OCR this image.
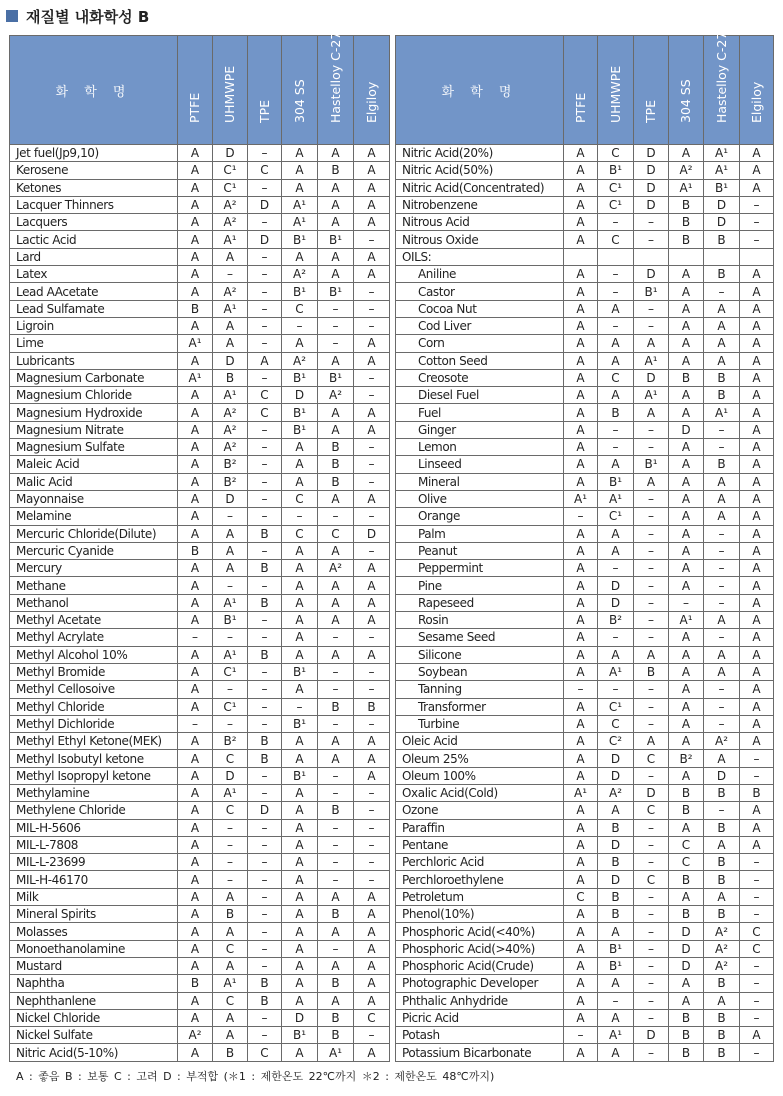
재질별 내화학성 B
화 학 명	PTFE	UHMWPE	TPE	304 SS	Hastelloy C-276	Elgiloy

Jet fuel(Jp9,10)	A	D	–	A	A	A
Kerosene	A	C¹	C	A	B	A
Ketones	A	C¹	–	A	A	A
Lacquer Thinners	A	A²	D	A¹	A	A
Lacquers	A	A²	–	A¹	A	A
Lactic Acid	A	A¹	D	B¹	B¹	–
Lard	A	A	–	A	A	A
Latex	A	–	–	A²	A	A
Lead AAcetate	A	A²	–	B¹	B¹	–
Lead Sulfamate	B	A¹	–	C	–	–
Ligroin	A	A	–	–	–	–
Lime	A¹	A	–	A	–	A
Lubricants	A	D	A	A²	A	A
Magnesium Carbonate	A¹	B	–	B¹	B¹	–
Magnesium Chloride	A	A¹	C	D	A²	–
Magnesium Hydroxide	A	A²	C	B¹	A	A
Magnesium Nitrate	A	A²	–	B¹	A	A
Magnesium Sulfate	A	A²	–	A	B	–
Maleic Acid	A	B²	–	A	B	–
Malic Acid	A	B²	–	A	B	–
Mayonnaise	A	D	–	C	A	A
Melamine	A	–	–	–	–	–
Mercuric Chloride(Dilute)	A	A	B	C	C	D
Mercuric Cyanide	B	A	–	A	A	–
Mercury	A	A	B	A	A²	A
Methane	A	–	–	A	A	A
Methanol	A	A¹	B	A	A	A
Methyl Acetate	A	B¹	–	A	A	A
Methyl Acrylate	–	–	–	A	–	–
Methyl Alcohol 10%	A	A¹	B	A	A	A
Methyl Bromide	A	C¹	–	B¹	–	–
Methyl Cellosoive	A	–	–	A	–	–
Methyl Chloride	A	C¹	–	–	B	B
Methyl Dichloride	–	–	–	B¹	–	–
Methyl Ethyl Ketone(MEK)	A	B²	B	A	A	A
Methyl Isobutyl ketone	A	C	B	A	A	A
Methyl Isopropyl ketone	A	D	–	B¹	–	A
Methylamine	A	A¹	–	A	–	–
Methylene Chloride	A	C	D	A	B	–
MIL-H-5606	A	–	–	A	–	–
MIL-L-7808	A	–	–	A	–	–
MIL-L-23699	A	–	–	A	–	–
MIL-H-46170	A	–	–	A	–	–
Milk	A	A	–	A	A	A
Mineral Spirits	A	B	–	A	B	A
Molasses	A	A	–	A	A	A
Monoethanolamine	A	C	–	A	–	A
Mustard	A	A	–	A	A	A
Naphtha	B	A¹	B	A	B	A
Nephthanlene	A	C	B	A	A	A
Nickel Chloride	A	A	–	D	B	C
Nickel Sulfate	A²	A	–	B¹	B	–
Nitric Acid(5-10%)	A	B	C	A	A¹	A
화 학 명	PTFE	UHMWPE	TPE	304 SS	Hastelloy C-276	Elgiloy

Nitric Acid(20%)	A	C	D	A	A¹	A
Nitric Acid(50%)	A	B¹	D	A²	A¹	A
Nitric Acid(Concentrated)	A	C¹	D	A¹	B¹	A
Nitrobenzene	A	C¹	D	B	D	–
Nitrous Acid	A	–	–	B	D	–
Nitrous Oxide	A	C	–	B	B	–
OILS:						
Aniline	A	–	D	A	B	A
Castor	A	–	B¹	A	–	A
Cocoa Nut	A	A	–	A	A	A
Cod Liver	A	–	–	A	A	A
Corn	A	A	A	A	A	A
Cotton Seed	A	A	A¹	A	A	A
Creosote	A	C	D	B	B	A
Diesel Fuel	A	A	A¹	A	B	A
Fuel	A	B	A	A	A¹	A
Ginger	A	–	–	D	–	A
Lemon	A	–	–	A	–	A
Linseed	A	A	B¹	A	B	A
Mineral	A	B¹	A	A	A	A
Olive	A¹	A¹	–	A	A	A
Orange	–	C¹	–	A	A	A
Palm	A	A	–	A	–	A
Peanut	A	A	–	A	–	A
Peppermint	A	–	–	A	–	A
Pine	A	D	–	A	–	A
Rapeseed	A	D	–	–	–	A
Rosin	A	B²	–	A¹	A	A
Sesame Seed	A	–	–	A	–	A
Silicone	A	A	A	A	A	A
Soybean	A	A¹	B	A	A	A
Tanning	–	–	–	A	–	A
Transformer	A	C¹	–	A	–	A
Turbine	A	C	–	A	–	A
Oleic Acid	A	C²	A	A	A²	A
Oleum 25%	A	D	C	B²	A	–
Oleum 100%	A	D	–	A	D	–
Oxalic Acid(Cold)	A¹	A²	D	B	B	B
Ozone	A	A	C	B	–	A
Paraffin	A	B	–	A	B	A
Pentane	A	D	–	C	A	A
Perchloric Acid	A	B	–	C	B	–
Perchloroethylene	A	D	C	B	B	–
Petroletum	C	B	–	A	A	–
Phenol(10%)	A	B	–	B	B	–
Phosphoric Acid(<40%)	A	A	–	D	A²	C
Phosphoric Acid(>40%)	A	B¹	–	D	A²	C
Phosphoric Acid(Crude)	A	B¹	–	D	A²	–
Photographic Developer	A	A	–	A	B	–
Phthalic Anhydride	A	–	–	A	A	–
Picric Acid	A	A	–	B	B	–
Potash	–	A¹	D	B	B	A
Potassium Bicarbonate	A	A	–	B	B	–
A : 좋음 B : 보통 C : 고려 D : 부적합 (＊1 : 제한온도 22℃까지 ＊2 : 제한온도 48℃까지)
